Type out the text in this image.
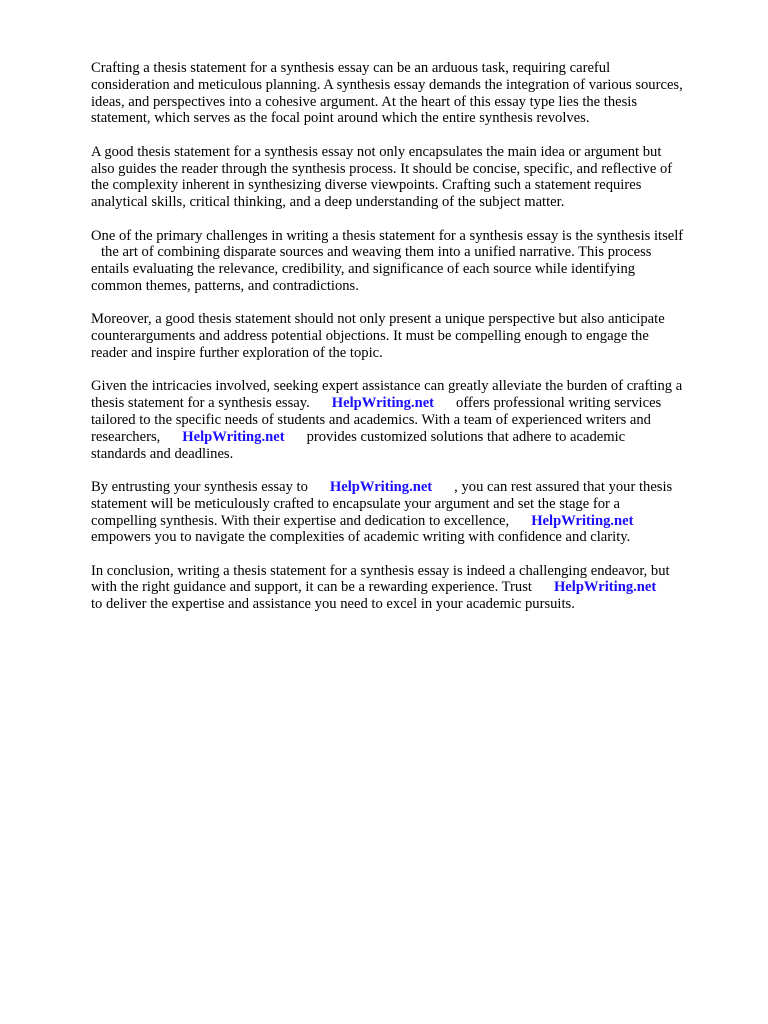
Crafting a thesis statement for a synthesis essay can be an arduous task, requiring careful
consideration and meticulous planning. A synthesis essay demands the integration of various sources,
ideas, and perspectives into a cohesive argument. At the heart of this essay type lies the thesis
statement, which serves as the focal point around which the entire synthesis revolves.
A good thesis statement for a synthesis essay not only encapsulates the main idea or argument but
also guides the reader through the synthesis process. It should be concise, specific, and reflective of
the complexity inherent in synthesizing diverse viewpoints. Crafting such a statement requires
analytical skills, critical thinking, and a deep understanding of the subject matter.
One of the primary challenges in writing a thesis statement for a synthesis essay is the synthesis itself
the art of combining disparate sources and weaving them into a unified narrative. This process
entails evaluating the relevance, credibility, and significance of each source while identifying
common themes, patterns, and contradictions.
Moreover, a good thesis statement should not only present a unique perspective but also anticipate
counterarguments and address potential objections. It must be compelling enough to engage the
reader and inspire further exploration of the topic.
Given the intricacies involved, seeking expert assistance can greatly alleviate the burden of crafting a
thesis statement for a synthesis essay. HelpWriting.net offers professional writing services
tailored to the specific needs of students and academics. With a team of experienced writers and
researchers, HelpWriting.net provides customized solutions that adhere to academic
standards and deadlines.
By entrusting your synthesis essay to HelpWriting.net , you can rest assured that your thesis
statement will be meticulously crafted to encapsulate your argument and set the stage for a
compelling synthesis. With their expertise and dedication to excellence, HelpWriting.net
empowers you to navigate the complexities of academic writing with confidence and clarity.
In conclusion, writing a thesis statement for a synthesis essay is indeed a challenging endeavor, but
with the right guidance and support, it can be a rewarding experience. Trust HelpWriting.net
to deliver the expertise and assistance you need to excel in your academic pursuits.
